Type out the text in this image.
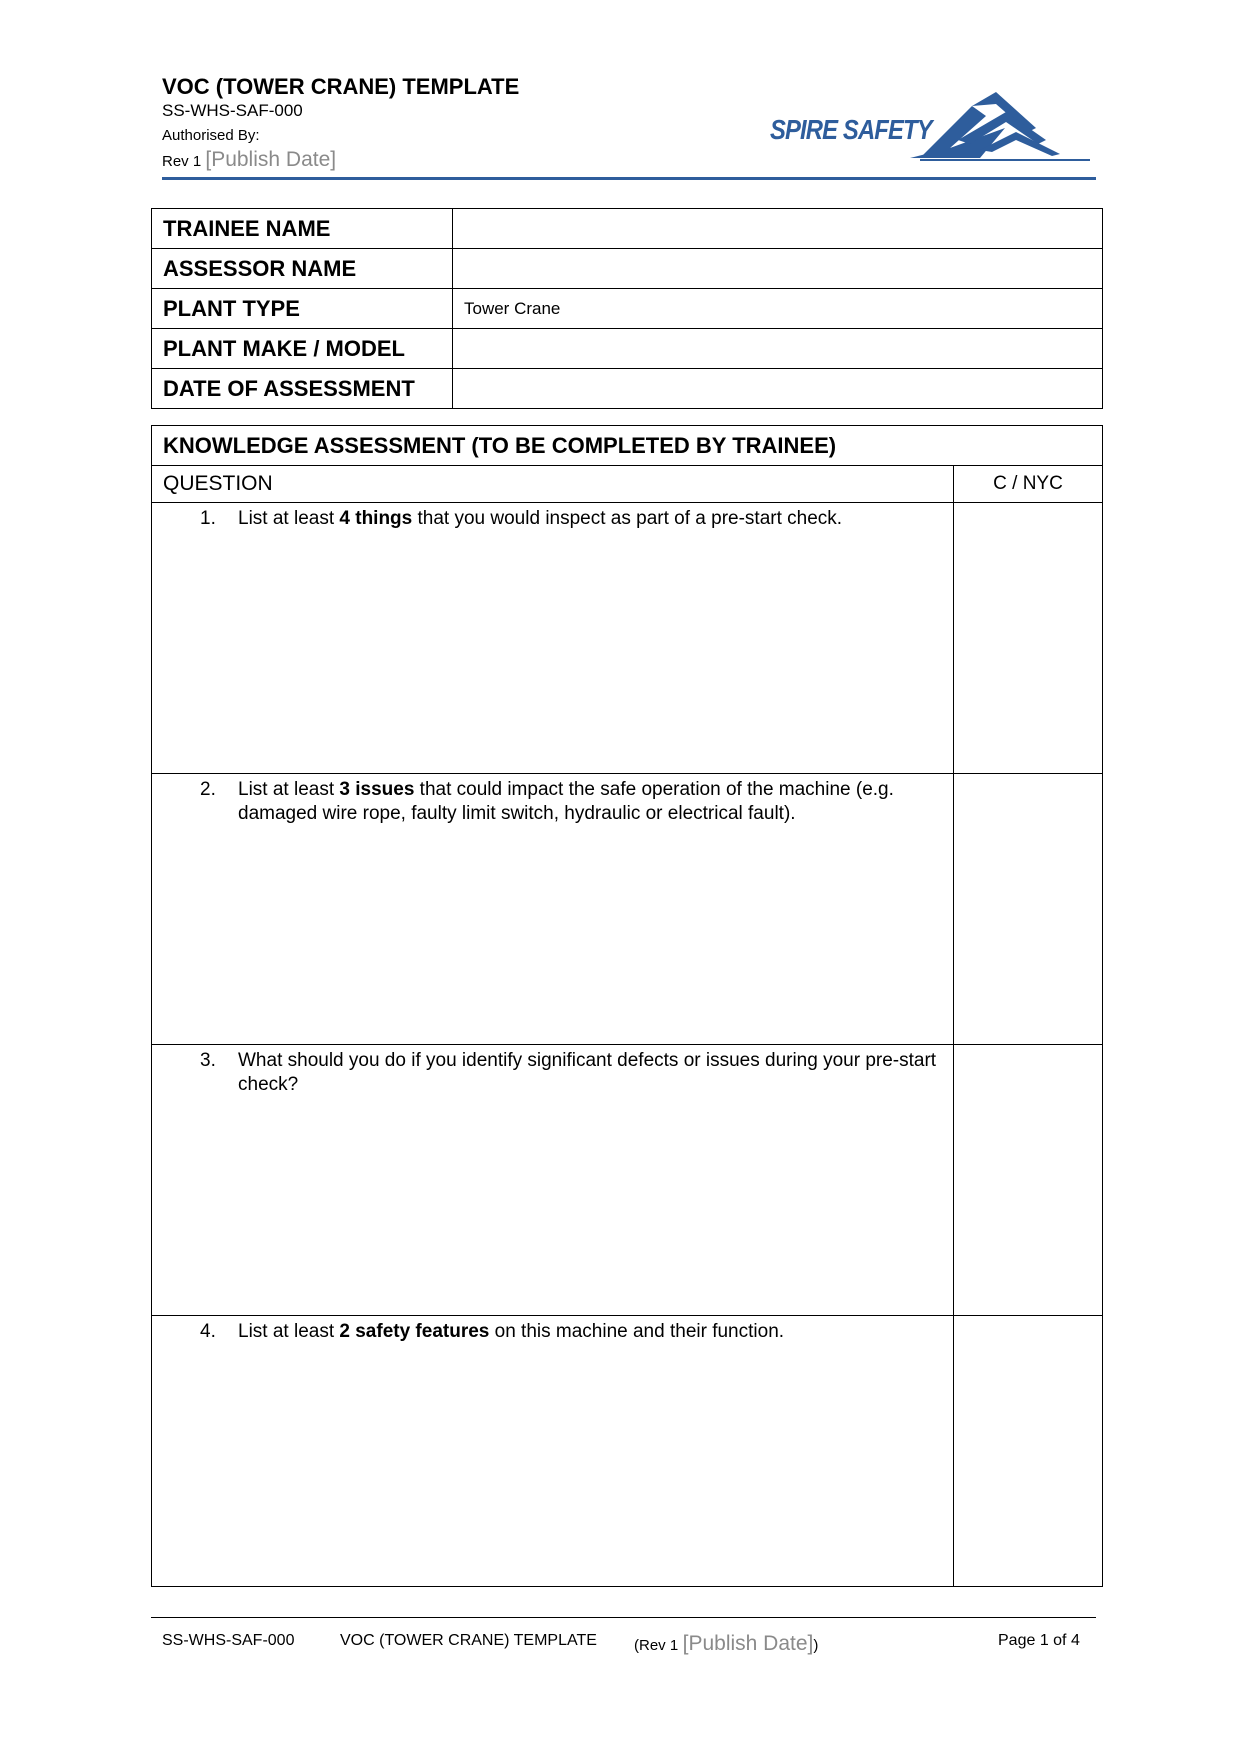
VOC (TOWER CRANE) TEMPLATE
SS-WHS-SAF-000
Authorised By:
Rev 1 [Publish Date]
SPIRE SAFETY
TRAINEE NAME	
ASSESSOR NAME	
PLANT TYPE	Tower Crane
PLANT MAKE / MODEL	
DATE OF ASSESSMENT	
KNOWLEDGE ASSESSMENT (TO BE COMPLETED BY TRAINEE)	
QUESTION	C / NYC

1. List at least 4 things that you would inspect as part of a pre-start check.	

2. List at least 3 issues that could impact the safe operation of the machine (e.g. damaged wire rope, faulty limit switch, hydraulic or electrical fault).	

3. What should you do if you identify significant defects or issues during your pre-start check?	

4. List at least 2 safety features on this machine and their function.	

SS-WHS-SAF-000	VOC (TOWER CRANE) TEMPLATE (Rev 1 [Publish Date])	Page 1 of 4
